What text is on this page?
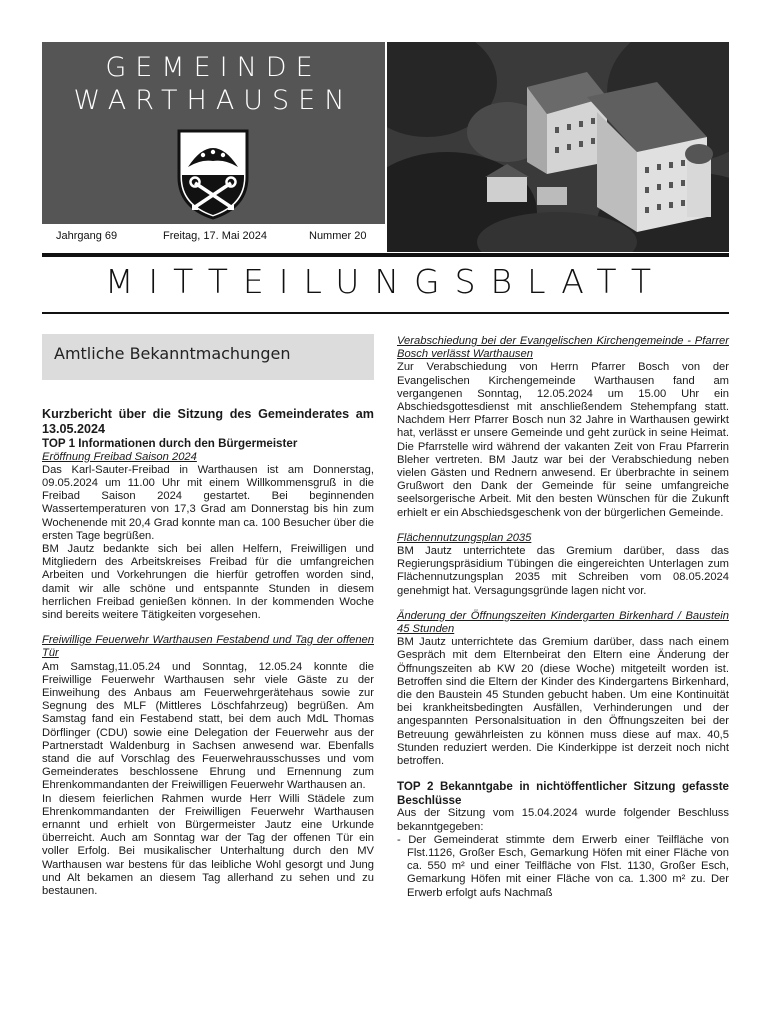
GEMEINDE
WARTHAUSEN
Jahrgang 69	Freitag, 17. Mai 2024	Nummer 20
MITTEILUNGSBLATT
Amtliche Bekanntmachungen

Kurzbericht über die Sitzung des Gemeinderates am 13.05.2024

TOP 1 Informationen durch den Bürgermeister

Eröffnung Freibad Saison 2024

Das Karl-Sauter-Freibad in Warthausen ist am Donnerstag, 09.05.2024 um 11.00 Uhr mit einem Willkommensgruß in die Freibad Saison 2024 gestartet. Bei beginnenden Wassertemperaturen von 17,3 Grad am Donnerstag bis hin zum Wochenende mit 20,4 Grad konnte man ca. 100 Besucher über die ersten Tage begrüßen.

BM Jautz bedankte sich bei allen Helfern, Freiwilligen und Mitgliedern des Arbeitskreises Freibad für die umfangreichen Arbeiten und Vorkehrungen die hierfür getroffen worden sind, damit wir alle schöne und entspannte Stunden in diesem herrlichen Freibad genießen können. In der kommenden Woche sind bereits weitere Tätigkeiten vorgesehen.

Freiwillige Feuerwehr Warthausen Festabend und Tag der offenen Tür

Am Samstag,11.05.24 und Sonntag, 12.05.24 konnte die Freiwillige Feuerwehr Warthausen sehr viele Gäste zu der Einweihung des Anbaus am Feuerwehrgerätehaus sowie zur Segnung des MLF (Mittleres Löschfahrzeug) begrüßen. Am Samstag fand ein Festabend statt, bei dem auch MdL Thomas Dörflinger (CDU) sowie eine Delegation der Feuerwehr aus der Partnerstadt Waldenburg in Sachsen anwesend war. Ebenfalls stand die auf Vorschlag des Feuerwehrausschusses und vom Gemeinderates beschlossene Ehrung und Ernennung zum Ehrenkommandanten der Freiwilligen Feuerwehr Warthausen an.

In diesem feierlichen Rahmen wurde Herr Willi Städele zum Ehrenkommandanten der Freiwilligen Feuerwehr Warthausen ernannt und erhielt von Bürgermeister Jautz eine Urkunde überreicht. Auch am Sonntag war der Tag der offenen Tür ein voller Erfolg. Bei musikalischer Unterhaltung durch den MV Warthausen war bestens für das leibliche Wohl gesorgt und Jung und Alt bekamen an diesem Tag allerhand zu sehen und zu bestaunen.

Verabschiedung bei der Evangelischen Kirchengemeinde - Pfarrer Bosch verlässt Warthausen

Zur Verabschiedung von Herrn Pfarrer Bosch von der Evangelischen Kirchengemeinde Warthausen fand am vergangenen Sonntag, 12.05.2024 um 15.00 Uhr ein Abschiedsgottesdienst mit anschließendem Stehempfang statt. Nachdem Herr Pfarrer Bosch nun 32 Jahre in Warthausen gewirkt hat, verlässt er unsere Gemeinde und geht zurück in seine Heimat. Die Pfarrstelle wird während der vakanten Zeit von Frau Pfarrerin Bleher vertreten. BM Jautz war bei der Verabschiedung neben vielen Gästen und Rednern anwesend. Er überbrachte in seinem Grußwort den Dank der Gemeinde für seine umfangreiche seelsorgerische Arbeit. Mit den besten Wünschen für die Zukunft erhielt er ein Abschiedsgeschenk von der bürgerlichen Gemeinde.

Flächennutzungsplan 2035

BM Jautz unterrichtete das Gremium darüber, dass das Regierungspräsidium Tübingen die eingereichten Unterlagen zum Flächennutzungsplan 2035 mit Schreiben vom 08.05.2024 genehmigt hat. Versagungsgründe lagen nicht vor.

Änderung der Öffnungszeiten Kindergarten Birkenhard / Baustein 45 Stunden

BM Jautz unterrichtete das Gremium darüber, dass nach einem Gespräch mit dem Elternbeirat den Eltern eine Änderung der Öffnungszeiten ab KW 20 (diese Woche) mitgeteilt worden ist. Betroffen sind die Eltern der Kinder des Kindergartens Birkenhard, die den Baustein 45 Stunden gebucht haben. Um eine Kontinuität bei krankheitsbedingten Ausfällen, Verhinderungen und der angespannten Personalsituation in den Öffnungszeiten bei der Betreuung gewährleisten zu können muss diese auf max. 40,5 Stunden reduziert werden. Die Kinderkippe ist derzeit noch nicht betroffen.

TOP 2 Bekanntgabe in nichtöffentlicher Sitzung gefasste Beschlüsse

Aus der Sitzung vom 15.04.2024 wurde folgender Beschluss bekanntgegeben:

- Der Gemeinderat stimmte dem Erwerb einer Teilfläche von Flst.1126, Großer Esch, Gemarkung Höfen mit einer Fläche von ca. 550 m² und einer Teilfläche von Flst. 1130, Großer Esch, Gemarkung Höfen mit einer Fläche von ca. 1.300 m² zu. Der Erwerb erfolgt aufs Nachmaß
